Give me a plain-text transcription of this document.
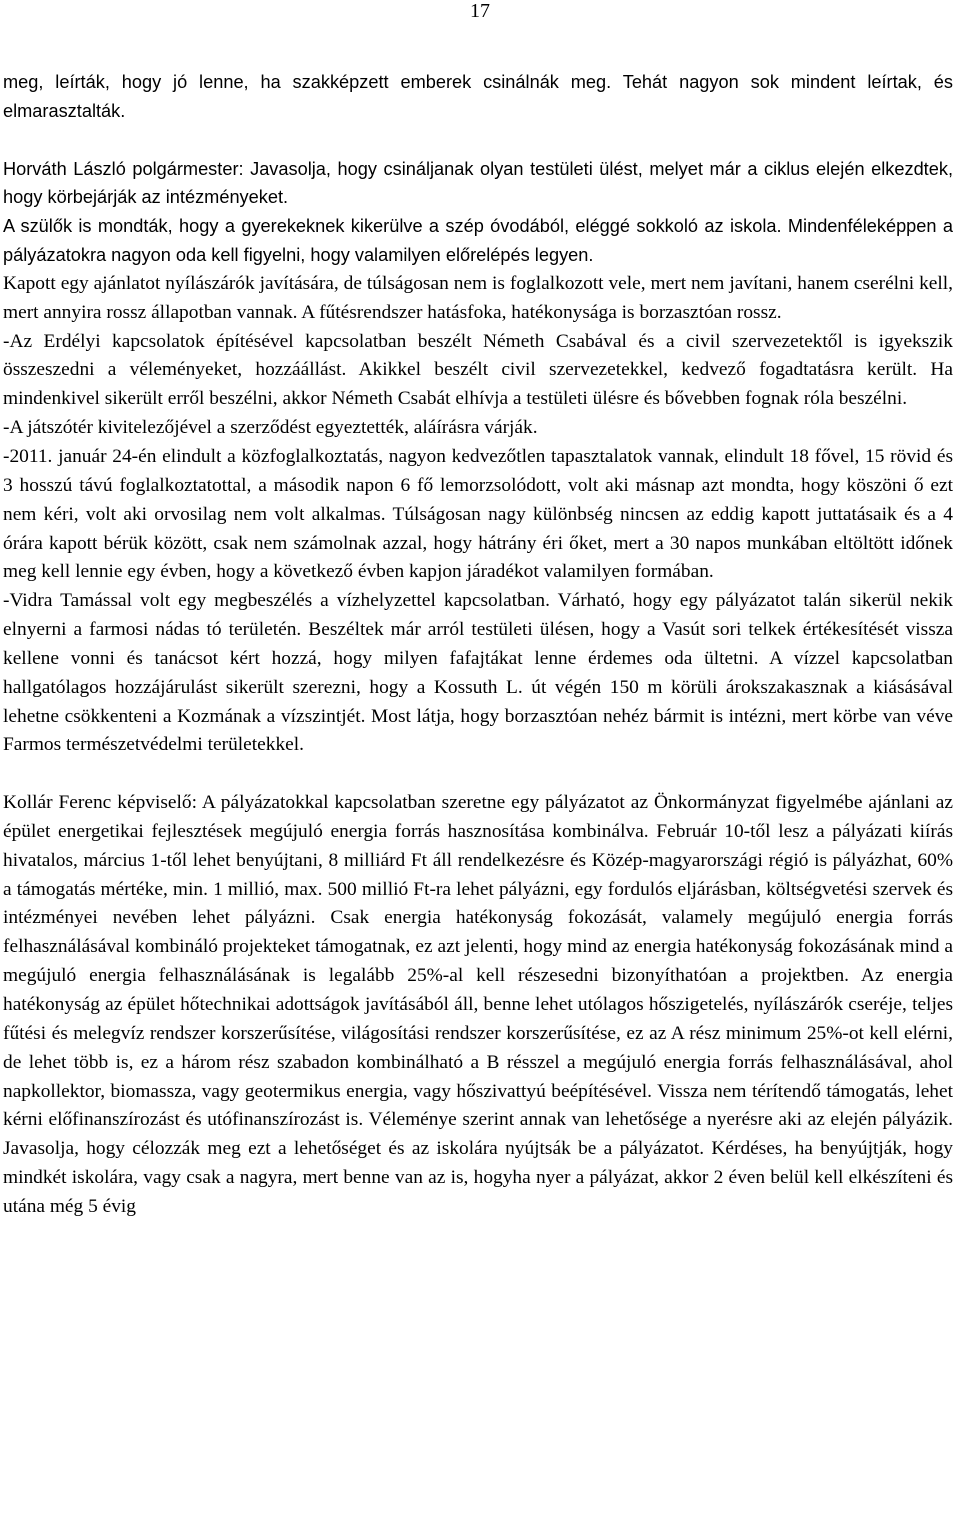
17

meg, leírták, hogy jó lenne, ha szakképzett emberek csinálnák meg. Tehát nagyon sok mindent leírtak, és elmarasztalták.

Horváth László polgármester: Javasolja, hogy csináljanak olyan testületi ülést, melyet már a ciklus elején elkezdtek, hogy körbejárják az intézményeket.

A szülők is mondták, hogy a gyerekeknek kikerülve a szép óvodából, eléggé sokkoló az iskola. Mindenféleképpen a pályázatokra nagyon oda kell figyelni, hogy valamilyen előrelépés legyen.

Kapott egy ajánlatot nyílászárók javítására, de túlságosan nem is foglalkozott vele, mert nem javítani, hanem cserélni kell, mert annyira rossz állapotban vannak. A fűtésrendszer hatásfoka, hatékonysága is borzasztóan rossz.

-Az Erdélyi kapcsolatok építésével kapcsolatban beszélt Németh Csabával és a civil szervezetektől is igyekszik összeszedni a véleményeket, hozzáállást. Akikkel beszélt civil szervezetekkel, kedvező fogadtatásra került. Ha mindenkivel sikerült erről beszélni, akkor Németh Csabát elhívja a testületi ülésre és bővebben fognak róla beszélni.

-A játszótér kivitelezőjével a szerződést egyeztették, aláírásra várják.

-2011. január 24-én elindult a közfoglalkoztatás, nagyon kedvezőtlen tapasztalatok vannak, elindult 18 fővel, 15 rövid és 3 hosszú távú foglalkoztatottal, a második napon 6 fő lemorzsolódott, volt aki másnap azt mondta, hogy köszöni ő ezt nem kéri, volt aki orvosilag nem volt alkalmas. Túlságosan nagy különbség nincsen az eddig kapott juttatásaik és a 4 órára kapott bérük között, csak nem számolnak azzal, hogy hátrány éri őket, mert a 30 napos munkában eltöltött időnek meg kell lennie egy évben, hogy a következő évben kapjon járadékot valamilyen formában.

-Vidra Tamással volt egy megbeszélés a vízhelyzettel kapcsolatban. Várható, hogy egy pályázatot talán sikerül nekik elnyerni a farmosi nádas tó területén. Beszéltek már arról testületi ülésen, hogy a Vasút sori telkek értékesítését vissza kellene vonni és tanácsot kért hozzá, hogy milyen fafajtákat lenne érdemes oda ültetni. A vízzel kapcsolatban hallgatólagos hozzájárulást sikerült szerezni, hogy a Kossuth L. út végén 150 m körüli árokszakasznak a kiásásával lehetne csökkenteni a Kozmának a vízszintjét. Most látja, hogy borzasztóan nehéz bármit is intézni, mert körbe van véve Farmos természetvédelmi területekkel.

Kollár Ferenc képviselő: A pályázatokkal kapcsolatban szeretne egy pályázatot az Önkormányzat figyelmébe ajánlani az épület energetikai fejlesztések megújuló energia forrás hasznosítása kombinálva. Február 10-től lesz a pályázati kiírás hivatalos, március 1-től lehet benyújtani, 8 milliárd Ft áll rendelkezésre és Közép-magyarországi régió is pályázhat, 60% a támogatás mértéke, min. 1 millió, max. 500 millió Ft-ra lehet pályázni, egy fordulós eljárásban, költségvetési szervek és intézményei nevében lehet pályázni. Csak energia hatékonyság fokozását, valamely megújuló energia forrás felhasználásával kombináló projekteket támogatnak, ez azt jelenti, hogy mind az energia hatékonyság fokozásának mind a megújuló energia felhasználásának is legalább 25%-al kell részesedni bizonyíthatóan a projektben. Az energia hatékonyság az épület hőtechnikai adottságok javításából áll, benne lehet utólagos hőszigetelés, nyílászárók cseréje, teljes fűtési és melegvíz rendszer korszerűsítése, világosítási rendszer korszerűsítése, ez az A rész minimum 25%-ot kell elérni, de lehet több is, ez a három rész szabadon kombinálható a B résszel a megújuló energia forrás felhasználásával, ahol napkollektor, biomassza, vagy geotermikus energia, vagy hőszivattyú beépítésével. Vissza nem térítendő támogatás, lehet kérni előfinanszírozást és utófinanszírozást is. Véleménye szerint annak van lehetősége a nyerésre aki az elején pályázik. Javasolja, hogy célozzák meg ezt a lehetőséget és az iskolára nyújtsák be a pályázatot. Kérdéses, ha benyújtják, hogy mindkét iskolára, vagy csak a nagyra, mert benne van az is, hogyha nyer a pályázat, akkor 2 éven belül kell elkészíteni és utána még 5 évig
